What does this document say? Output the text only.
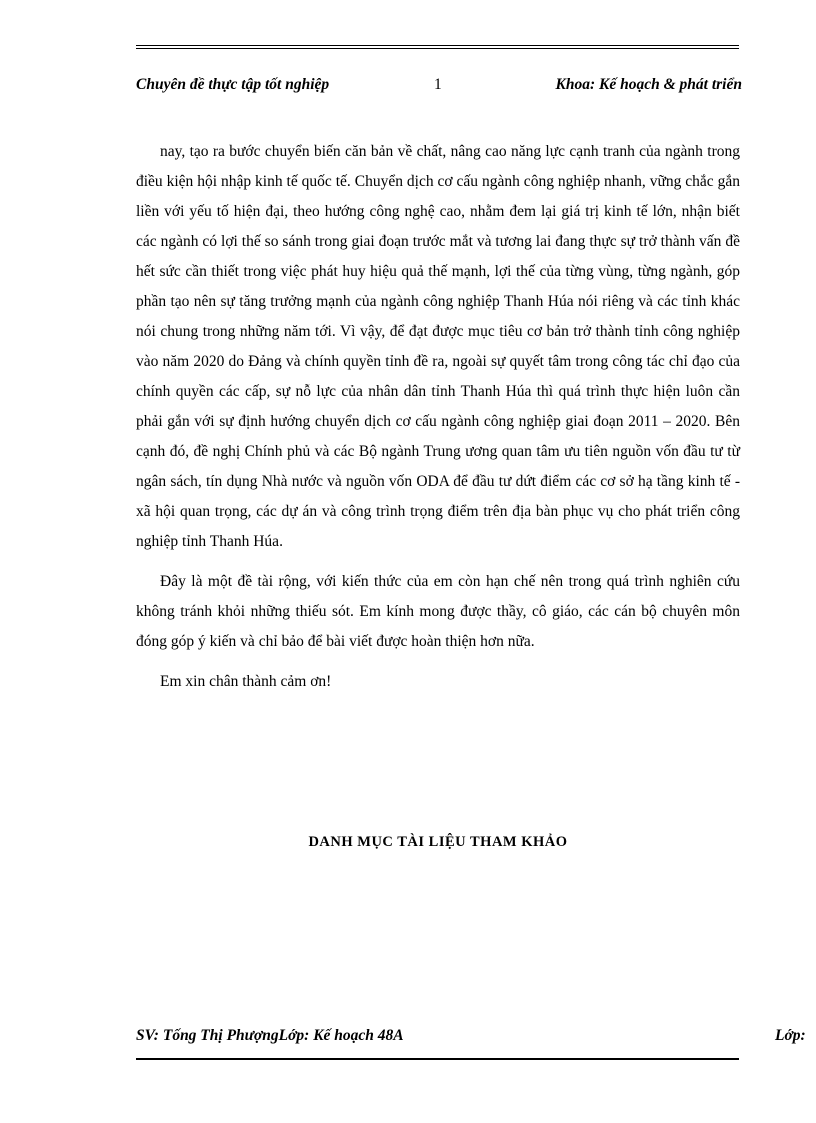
Chuyên đề thực tập tốt nghiệp	1	Khoa: Kế hoạch & phát triển

nay, tạo ra bước chuyển biến căn bản về chất, nâng cao năng lực cạnh tranh của ngành trong điều kiện hội nhập kinh tế quốc tế. Chuyển dịch cơ cấu ngành công nghiệp nhanh, vững chắc gắn liền với yếu tố hiện đại, theo hướng công nghệ cao, nhằm đem lại giá trị kinh tế lớn, nhận biết các ngành có lợi thế so sánh trong giai đoạn trước mắt và tương lai đang thực sự trở thành vấn đề hết sức cần thiết trong việc phát huy hiệu quả thế mạnh, lợi thế của từng vùng, từng ngành, góp phần tạo nên sự tăng trưởng mạnh của ngành công nghiệp Thanh Húa nói riêng và các tỉnh khác nói chung trong những năm tới. Vì vậy, để đạt được mục tiêu cơ bản trở thành tỉnh công nghiệp vào năm 2020 do Đảng và chính quyền tỉnh đề ra, ngoài sự quyết tâm trong công tác chỉ đạo của chính quyền các cấp, sự nỗ lực của nhân dân tỉnh Thanh Húa thì quá trình thực hiện luôn cần phải gắn với sự định hướng chuyển dịch cơ cấu ngành công nghiệp giai đoạn 2011 – 2020. Bên cạnh đó, đề nghị Chính phủ và các Bộ ngành Trung ương quan tâm ưu tiên nguồn vốn đầu tư từ ngân sách, tín dụng Nhà nước và nguồn vốn ODA để đầu tư dứt điểm các cơ sở hạ tầng kinh tế - xã hội quan trọng, các dự án và công trình trọng điểm trên địa bàn phục vụ cho phát triển công nghiệp tỉnh Thanh Húa.

Đây là một đề tài rộng, với kiến thức của em còn hạn chế nên trong quá trình nghiên cứu không tránh khỏi những thiếu sót. Em kính mong được thầy, cô giáo, các cán bộ chuyên môn đóng góp ý kiến và chỉ bảo để bài viết được hoàn thiện hơn nữa.

Em xin chân thành cảm ơn!

DANH MỤC TÀI LIỆU THAM KHẢO
SV: Tống Thị PhượngLớp: Kế hoạch 48A	Lớp:
